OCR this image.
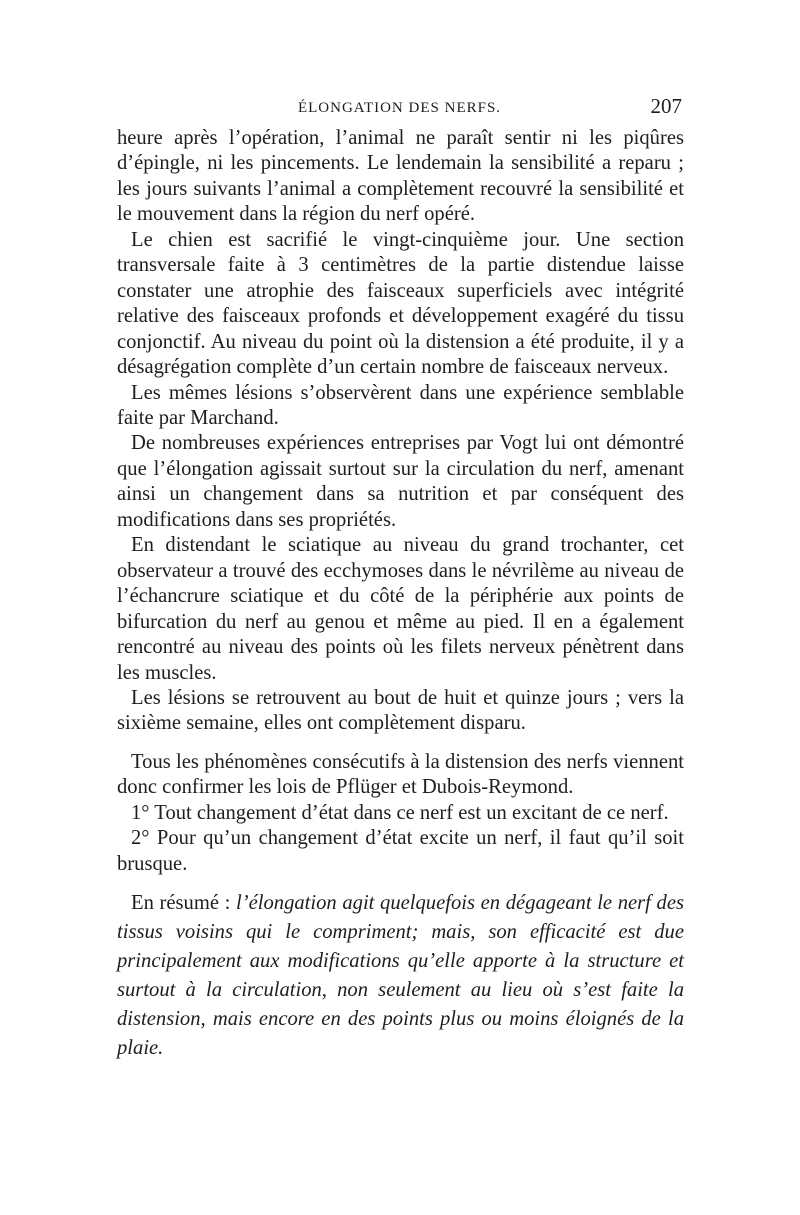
ÉLONGATION DES NERFS.	207

heure après l’opération, l’animal ne paraît sentir ni les piqûres d’épingle, ni les pincements. Le lendemain la sensibilité a reparu ; les jours suivants l’animal a complètement recouvré la sensibilité et le mouvement dans la région du nerf opéré.

Le chien est sacrifié le vingt-cinquième jour. Une section transversale faite à 3 centimètres de la partie distendue laisse constater une atrophie des faisceaux superficiels avec intégrité relative des faisceaux profonds et développement exagéré du tissu conjonctif. Au niveau du point où la distension a été produite, il y a désagrégation complète d’un certain nombre de faisceaux nerveux.

Les mêmes lésions s’observèrent dans une expérience semblable faite par Marchand.

De nombreuses expériences entreprises par Vogt lui ont démontré que l’élongation agissait surtout sur la circulation du nerf, amenant ainsi un changement dans sa nutrition et par conséquent des modifications dans ses propriétés.

En distendant le sciatique au niveau du grand trochanter, cet observateur a trouvé des ecchymoses dans le névrilème au niveau de l’échancrure sciatique et du côté de la périphérie aux points de bifurcation du nerf au genou et même au pied. Il en a également rencontré au niveau des points où les filets nerveux pénètrent dans les muscles.

Les lésions se retrouvent au bout de huit et quinze jours ; vers la sixième semaine, elles ont complètement disparu.

Tous les phénomènes consécutifs à la distension des nerfs viennent donc confirmer les lois de Pflüger et Dubois-Reymond.

1° Tout changement d’état dans ce nerf est un excitant de ce nerf.

2° Pour qu’un changement d’état excite un nerf, il faut qu’il soit brusque.

En résumé : l’élongation agit quelquefois en dégageant le nerf des tissus voisins qui le compriment; mais, son efficacité est due principalement aux modifications qu’elle apporte à la structure et surtout à la circulation, non seulement au lieu où s’est faite la distension, mais encore en des points plus ou moins éloignés de la plaie.
